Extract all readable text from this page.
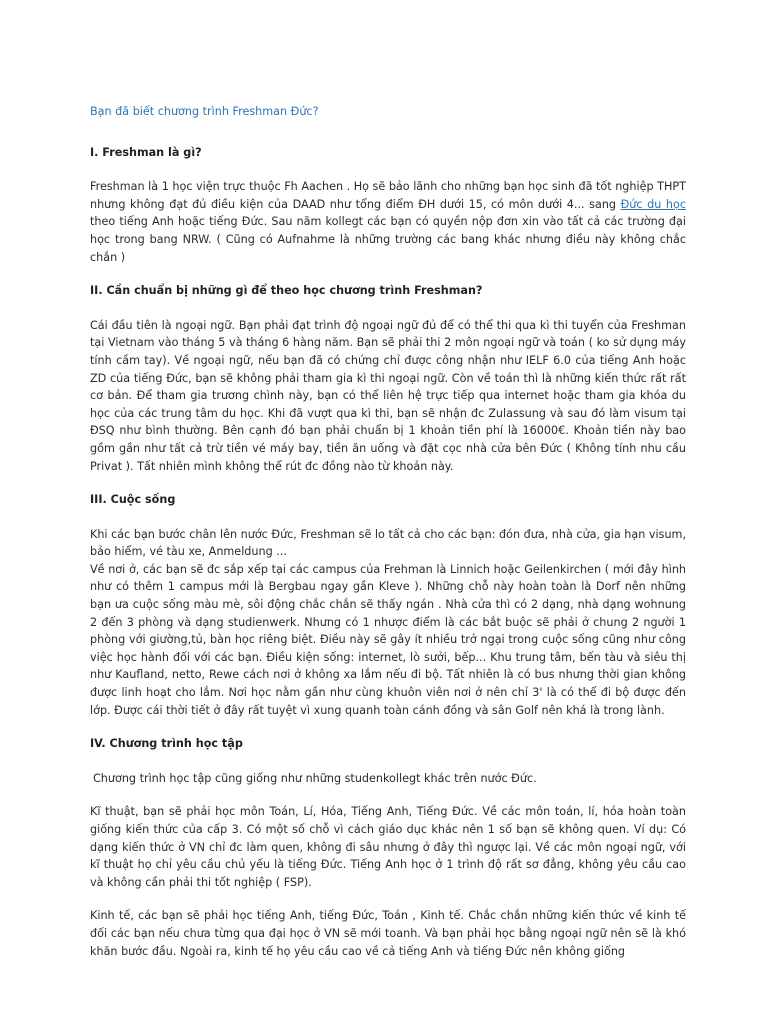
Bạn đã biết chương trình Freshman Đức?
I. Freshman là gì?

Freshman là 1 học viện trực thuộc Fh Aachen . Họ sẽ bảo lãnh cho những bạn học sinh đã tốt nghiệp THPT nhưng không đạt đủ điều kiện của DAAD như tổng điểm ĐH dưới 15, có môn dưới 4... sang Đức du học theo tiếng Anh hoặc tiếng Đức. Sau năm kollegt các bạn có quyền nộp đơn xin vào tất cả các trường đại học trong bang NRW. ( Cũng có Aufnahme là những trường các bang khác nhưng điều này không chắc chắn )

II. Cần chuẩn bị những gì để theo học chương trình Freshman?

Cái đầu tiên là ngoại ngữ. Bạn phải đạt trình độ ngoại ngữ đủ để có thể thi qua kì thi tuyển của Freshman tại Vietnam vào tháng 5 và tháng 6 hàng năm. Bạn sẽ phải thi 2 môn ngoại ngữ và toán ( ko sử dụng máy tính cầm tay). Về ngoại ngữ, nếu bạn đã có chứng chỉ được công nhận như IELF 6.0 của tiếng Anh hoặc ZD của tiếng Đức, bạn sẽ không phải tham gia kì thi ngoại ngữ. Còn về toán thì là những kiến thức rất rất cơ bản. Để tham gia trương chình này, bạn có thể liên hệ trực tiếp qua internet hoặc tham gia khóa du học của các trung tâm du học. Khi đã vượt qua kì thi, bạn sẽ nhận đc Zulassung và sau đó làm visum tại ĐSQ như bình thường. Bên cạnh đó bạn phải chuẩn bị 1 khoản tiền phí là 16000€. Khoản tiền này bao gồm gần như tất cả trừ tiền vé máy bay, tiền ăn uống và đặt cọc nhà cửa bên Đức ( Không tính nhu cầu Privat ). Tất nhiên mình không thể rút đc đồng nào từ khoản này.

III. Cuộc sống

Khi các bạn bước chân lên nước Đức, Freshman sẽ lo tất cả cho các bạn: đón đưa, nhà cửa, gia hạn visum, bảo hiểm, vé tàu xe, Anmeldung ...

Về nơi ở, các bạn sẽ đc sắp xếp tại các campus của Frehman là Linnich hoặc Geilenkirchen ( mới đây hình như có thêm 1 campus mới là Bergbau ngay gần Kleve ). Những chỗ này hoàn toàn là Dorf nên những bạn ưa cuộc sống màu mè, sôi động chắc chắn sẽ thấy ngán . Nhà cửa thì có 2 dạng, nhà dạng wohnung 2 đến 3 phòng và dạng studienwerk. Nhưng có 1 nhược điểm là các bắt buộc sẽ phải ở chung 2 người 1 phòng với giường,tủ, bàn học riêng biệt. Điều này sẽ gây ít nhiều trở ngại trong cuộc sống cũng như công việc học hành đối với các bạn. Điều kiện sống: internet, lò sưởi, bếp... Khu trung tâm, bến tàu và siêu thị như Kaufland, netto, Rewe cách nơi ở không xa lắm nếu đi bộ. Tất nhiên là có bus nhưng thời gian không được linh hoạt cho lắm. Nơi học nằm gần như cùng khuôn viên nơi ở nên chỉ 3' là có thể đi bộ được đến lớp. Được cái thời tiết ở đây rất tuyệt vì xung quanh toàn cánh đồng và sân Golf nên khá là trong lành.

IV. Chương trình học tập

Chương trình học tập cũng giống như những studenkollegt khác trên nước Đức.

Kĩ thuật, bạn sẽ phải học môn Toán, Lí, Hóa, Tiếng Anh, Tiếng Đức. Về các môn toán, lí, hóa hoàn toàn giống kiến thức của cấp 3. Có một số chỗ vì cách giáo dục khác nên 1 số bạn sẽ không quen. Ví dụ: Có dạng kiến thức ở VN chỉ đc làm quen, không đi sâu nhưng ở đây thì ngược lại. Về các môn ngoại ngữ, với kĩ thuật họ chỉ yêu cầu chủ yếu là tiếng Đức. Tiếng Anh học ở 1 trình độ rất sơ đẳng, không yêu cầu cao và không cần phải thi tốt nghiệp ( FSP).

Kinh tế, các bạn sẽ phải học tiếng Anh, tiếng Đức, Toán , Kinh tế. Chắc chắn những kiến thức về kinh tế đối các bạn nếu chưa từng qua đại học ở VN sẽ mới toanh. Và bạn phải học bằng ngoại ngữ nên sẽ là khó khăn bước đầu. Ngoài ra, kinh tế họ yêu cầu cao về cả tiếng Anh và tiếng Đức nên không giống
